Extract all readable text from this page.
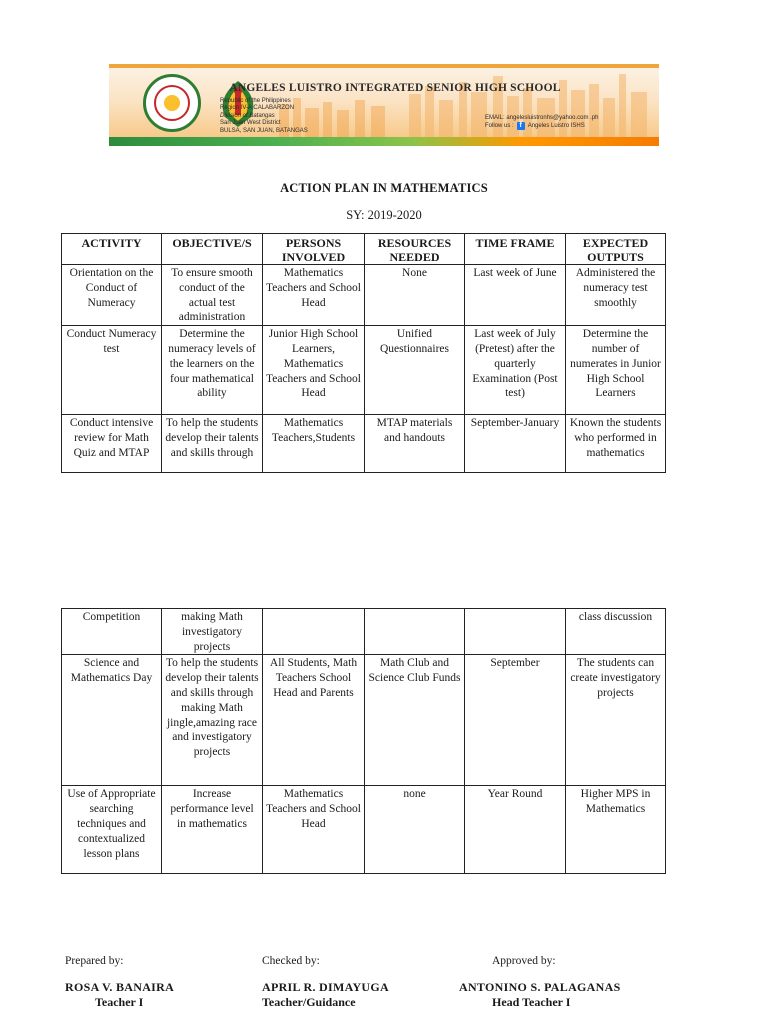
ANGELES LUISTRO INTEGRATED SENIOR HIGH SCHOOL
Republic of the Philippines
Region IV-A CALABARZON
Division of Batangas
San Juan West District
BULSA, SAN JUAN, BATANGAS
EMAIL: angelesluistronhs@yahoo.com .ph
Follow us : f Angeles Luistro ISHS
ACTION PLAN IN MATHEMATICS
SY: 2019-2020
ACTIVITY	OBJECTIVE/S	PERSONS INVOLVED	RESOURCES NEEDED	TIME FRAME	EXPECTED OUTPUTS
Orientation on the Conduct of Numeracy	To ensure smooth conduct of the actual test administration	Mathematics Teachers and School Head	None	Last week of June	Administered the numeracy test smoothly
Conduct Numeracy test	Determine the numeracy levels of the learners on the four mathematical ability	Junior High School Learners, Mathematics Teachers and School Head	Unified Questionnaires	Last week of July (Pretest) after the quarterly Examination (Post test)	Determine the number of numerates in Junior High School Learners
Conduct intensive review for Math Quiz and MTAP	To help the students develop their talents and skills through	Mathematics Teachers,Students	MTAP materials and handouts	September-January	Known the students who performed in mathematics
Competition	making Math investigatory projects				class discussion
Science and Mathematics Day	To help the students develop their talents and skills through making Math jingle,amazing race and investigatory projects	All Students, Math Teachers School Head and Parents	Math Club and Science Club Funds	September	The students can create investigatory projects
Use of Appropriate searching techniques and contextualized lesson plans	Increase performance level in mathematics	Mathematics Teachers and School Head	none	Year Round	Higher MPS in Mathematics
Prepared by:
ROSA V. BANAIRA
Teacher I
Checked by:
APRIL R. DIMAYUGA
Teacher/Guidance
Approved by:
ANTONINO S. PALAGANAS
Head Teacher I
